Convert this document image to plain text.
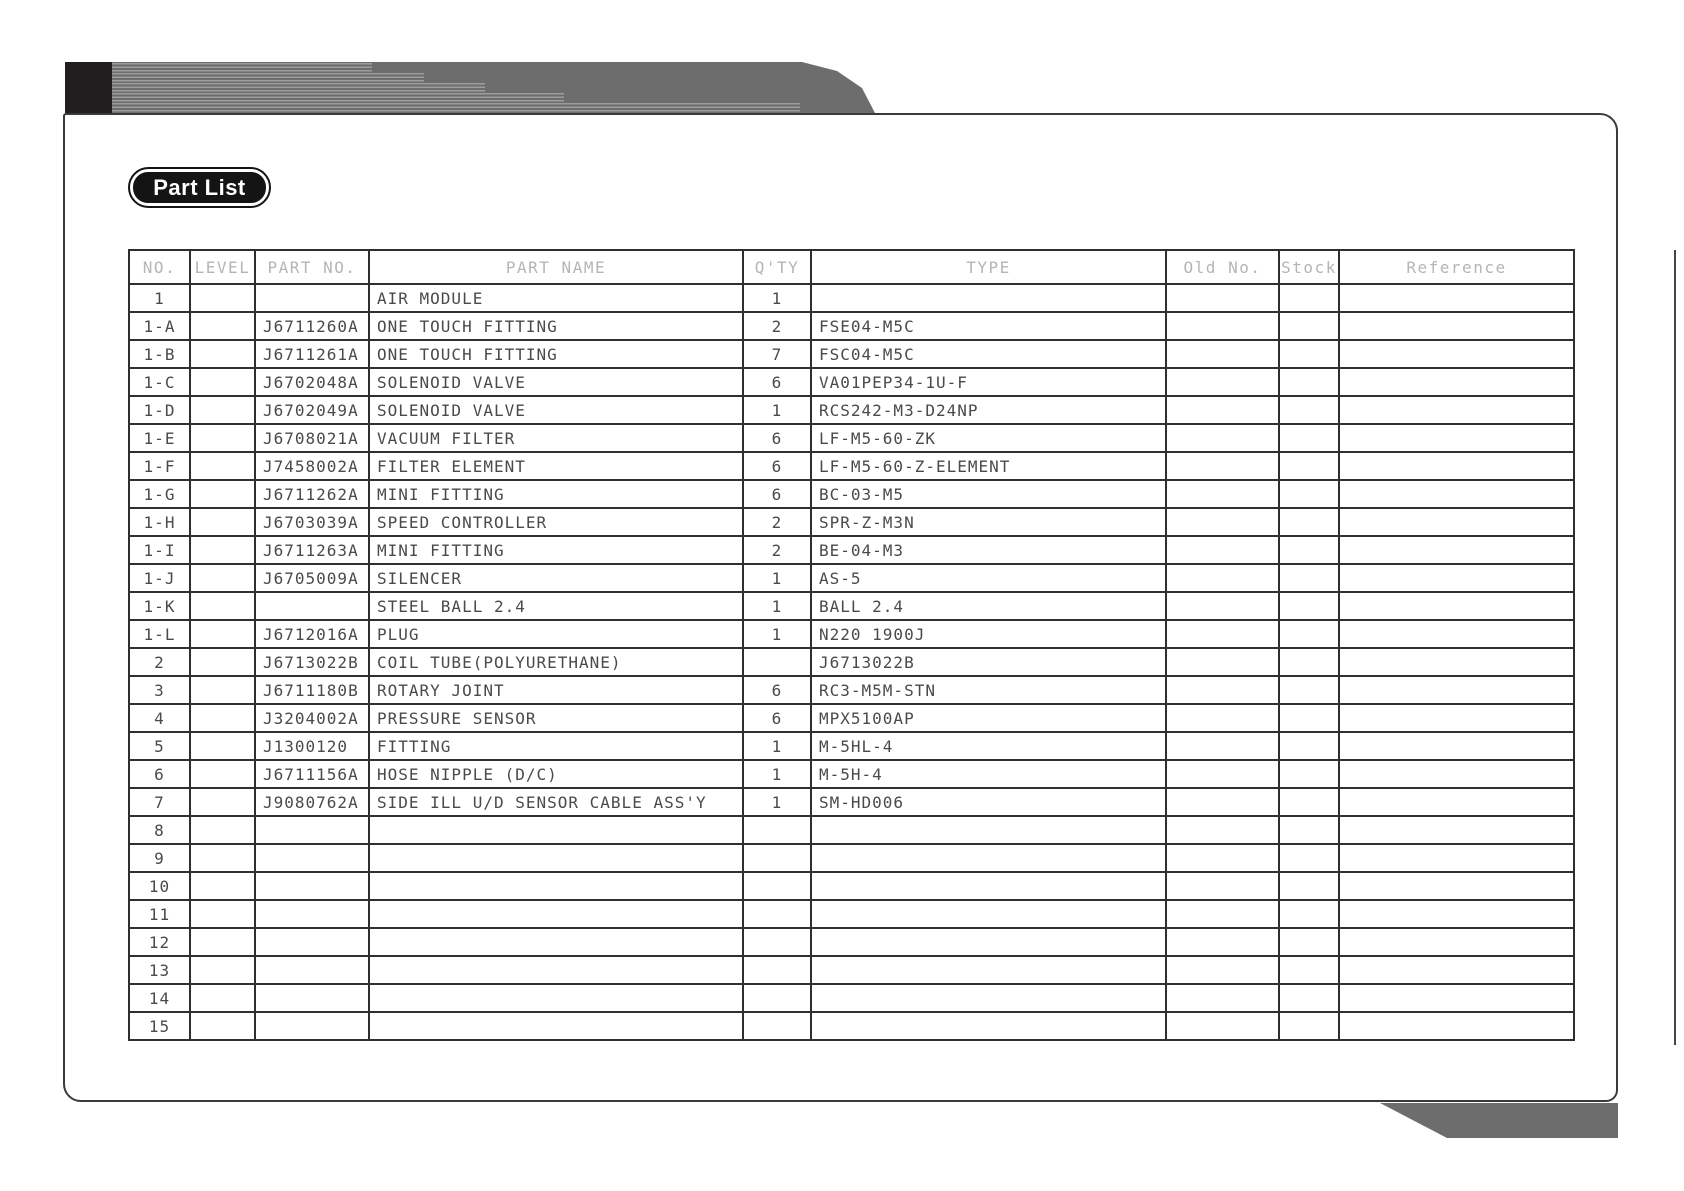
Part List
NO.	LEVEL	PART NO.	PART NAME	Q'TY	TYPE	Old No.	Stock	Reference
1			AIR MODULE	1				
1-A		J6711260A	ONE TOUCH FITTING	2	FSE04-M5C			
1-B		J6711261A	ONE TOUCH FITTING	7	FSC04-M5C			
1-C		J6702048A	SOLENOID VALVE	6	VA01PEP34-1U-F			
1-D		J6702049A	SOLENOID VALVE	1	RCS242-M3-D24NP			
1-E		J6708021A	VACUUM FILTER	6	LF-M5-60-ZK			
1-F		J7458002A	FILTER ELEMENT	6	LF-M5-60-Z-ELEMENT			
1-G		J6711262A	MINI FITTING	6	BC-03-M5			
1-H		J6703039A	SPEED CONTROLLER	2	SPR-Z-M3N			
1-I		J6711263A	MINI FITTING	2	BE-04-M3			
1-J		J6705009A	SILENCER	1	AS-5			
1-K			STEEL BALL 2.4	1	BALL 2.4			
1-L		J6712016A	PLUG	1	N220 1900J			
2		J6713022B	COIL TUBE(POLYURETHANE)		J6713022B			
3		J6711180B	ROTARY JOINT	6	RC3-M5M-STN			
4		J3204002A	PRESSURE SENSOR	6	MPX5100AP			
5		J1300120	FITTING	1	M-5HL-4			
6		J6711156A	HOSE NIPPLE (D/C)	1	M-5H-4			
7		J9080762A	SIDE ILL U/D SENSOR CABLE ASS'Y	1	SM-HD006			
8								
9								
10								
11								
12								
13								
14								
15								
